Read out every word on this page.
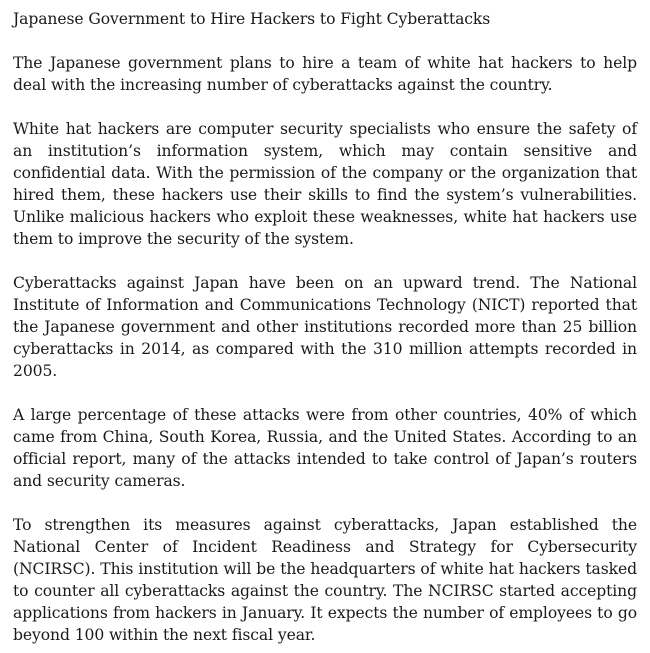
Japanese Government to Hire Hackers to Fight Cyberattacks

The Japanese government plans to hire a team of white hat hackers to help deal with the increasing number of cyberattacks against the country.

White hat hackers are computer security specialists who ensure the safety of an institution’s information system, which may contain sensitive and confidential data. With the permission of the company or the organization that hired them, these hackers use their skills to find the system’s vulnerabilities. Unlike malicious hackers who exploit these weaknesses, white hat hackers use them to improve the security of the system.

Cyberattacks against Japan have been on an upward trend. The National Institute of Information and Communications Technology (NICT) reported that the Japanese government and other institutions recorded more than 25 billion cyberattacks in 2014, as compared with the 310 million attempts recorded in 2005.

A large percentage of these attacks were from other countries, 40% of which came from China, South Korea, Russia, and the United States. According to an official report, many of the attacks intended to take control of Japan’s routers and security cameras.

To strengthen its measures against cyberattacks, Japan established the National Center of Incident Readiness and Strategy for Cybersecurity (NCIRSC). This institution will be the headquarters of white hat hackers tasked to counter all cyberattacks against the country. The NCIRSC started accepting applications from hackers in January. It expects the number of employees to go beyond 100 within the next fiscal year.
